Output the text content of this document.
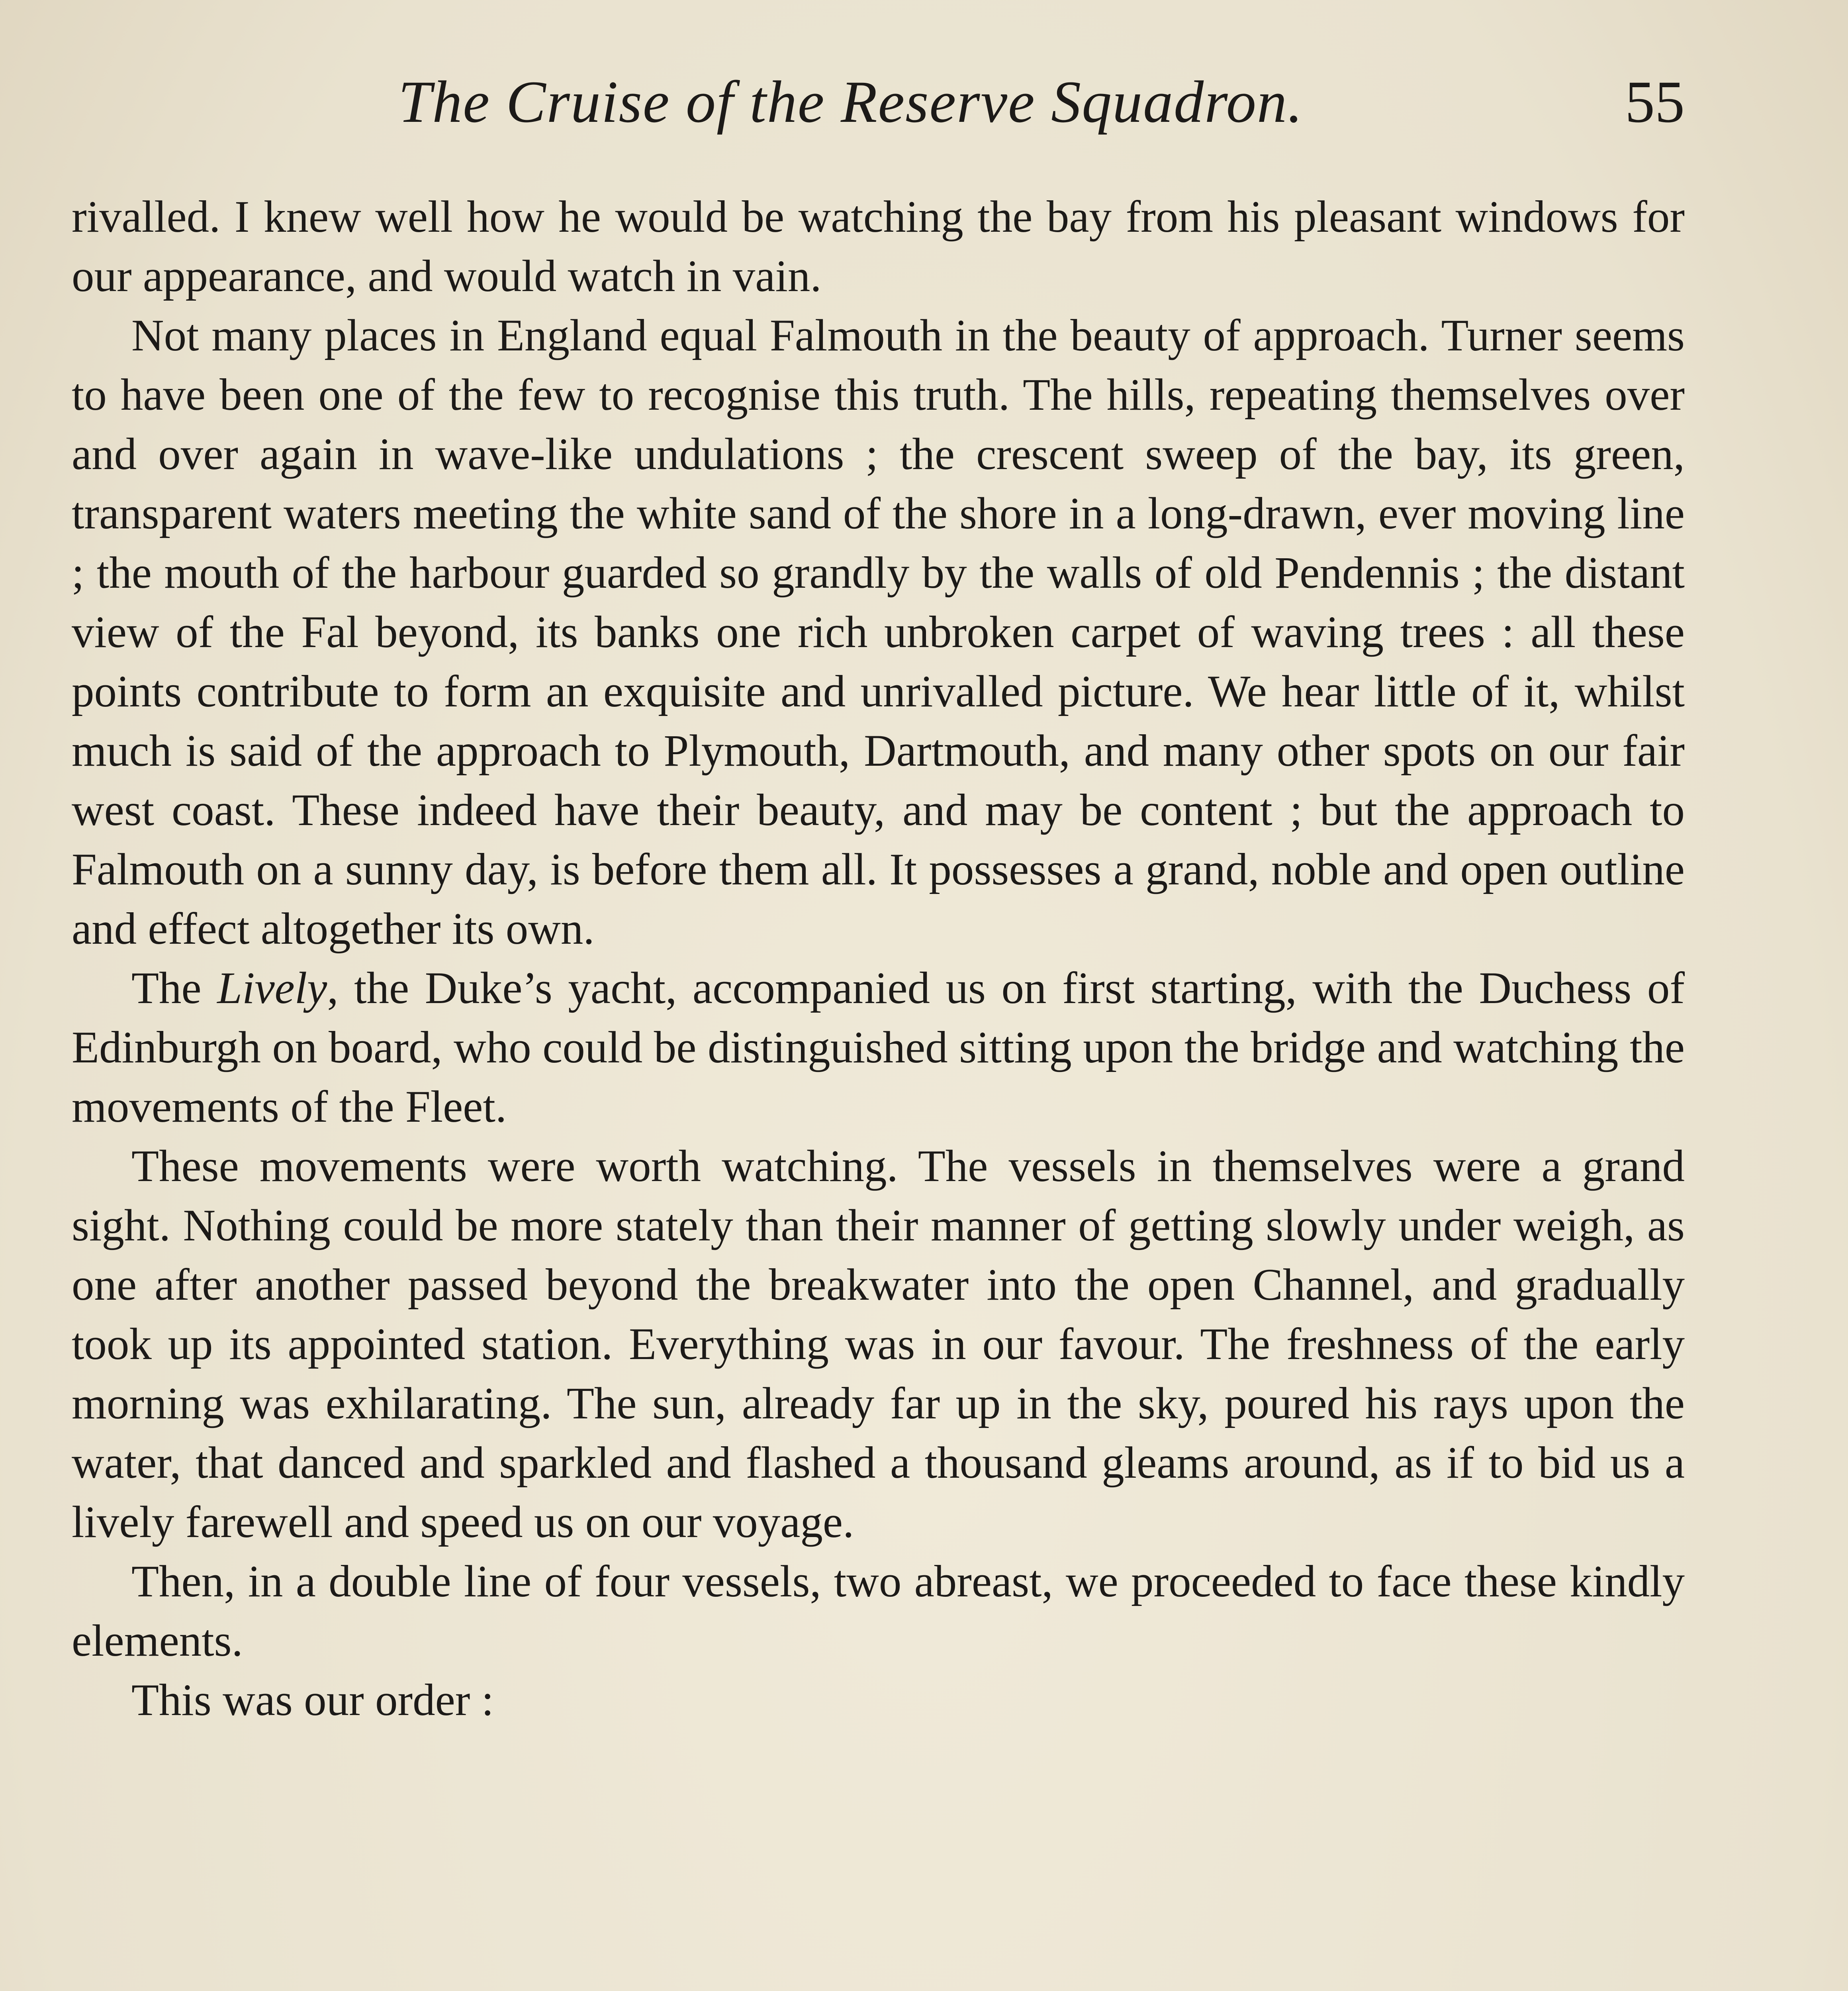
The Cruise of the Reserve Squadron.	55

rivalled. I knew well how he would be watching the bay from his pleasant windows for our appearance, and would watch in vain.

Not many places in England equal Falmouth in the beauty of approach. Turner seems to have been one of the few to recognise this truth. The hills, repeating themselves over and over again in wave-like undulations ; the crescent sweep of the bay, its green, transparent waters meeting the white sand of the shore in a long-drawn, ever moving line ; the mouth of the harbour guarded so grandly by the walls of old Pendennis ; the distant view of the Fal beyond, its banks one rich unbroken carpet of waving trees : all these points contribute to form an exquisite and unrivalled picture. We hear little of it, whilst much is said of the approach to Plymouth, Dartmouth, and many other spots on our fair west coast. These indeed have their beauty, and may be content ; but the approach to Falmouth on a sunny day, is before them all. It possesses a grand, noble and open outline and effect altogether its own.

The Lively, the Duke’s yacht, accompanied us on first starting, with the Duchess of Edinburgh on board, who could be distinguished sitting upon the bridge and watching the movements of the Fleet.

These movements were worth watching. The vessels in themselves were a grand sight. Nothing could be more stately than their manner of getting slowly under weigh, as one after another passed beyond the breakwater into the open Channel, and gradually took up its appointed station. Everything was in our favour. The freshness of the early morning was exhilarating. The sun, already far up in the sky, poured his rays upon the water, that danced and sparkled and flashed a thousand gleams around, as if to bid us a lively farewell and speed us on our voyage.

Then, in a double line of four vessels, two abreast, we proceeded to face these kindly elements.

This was our order :
